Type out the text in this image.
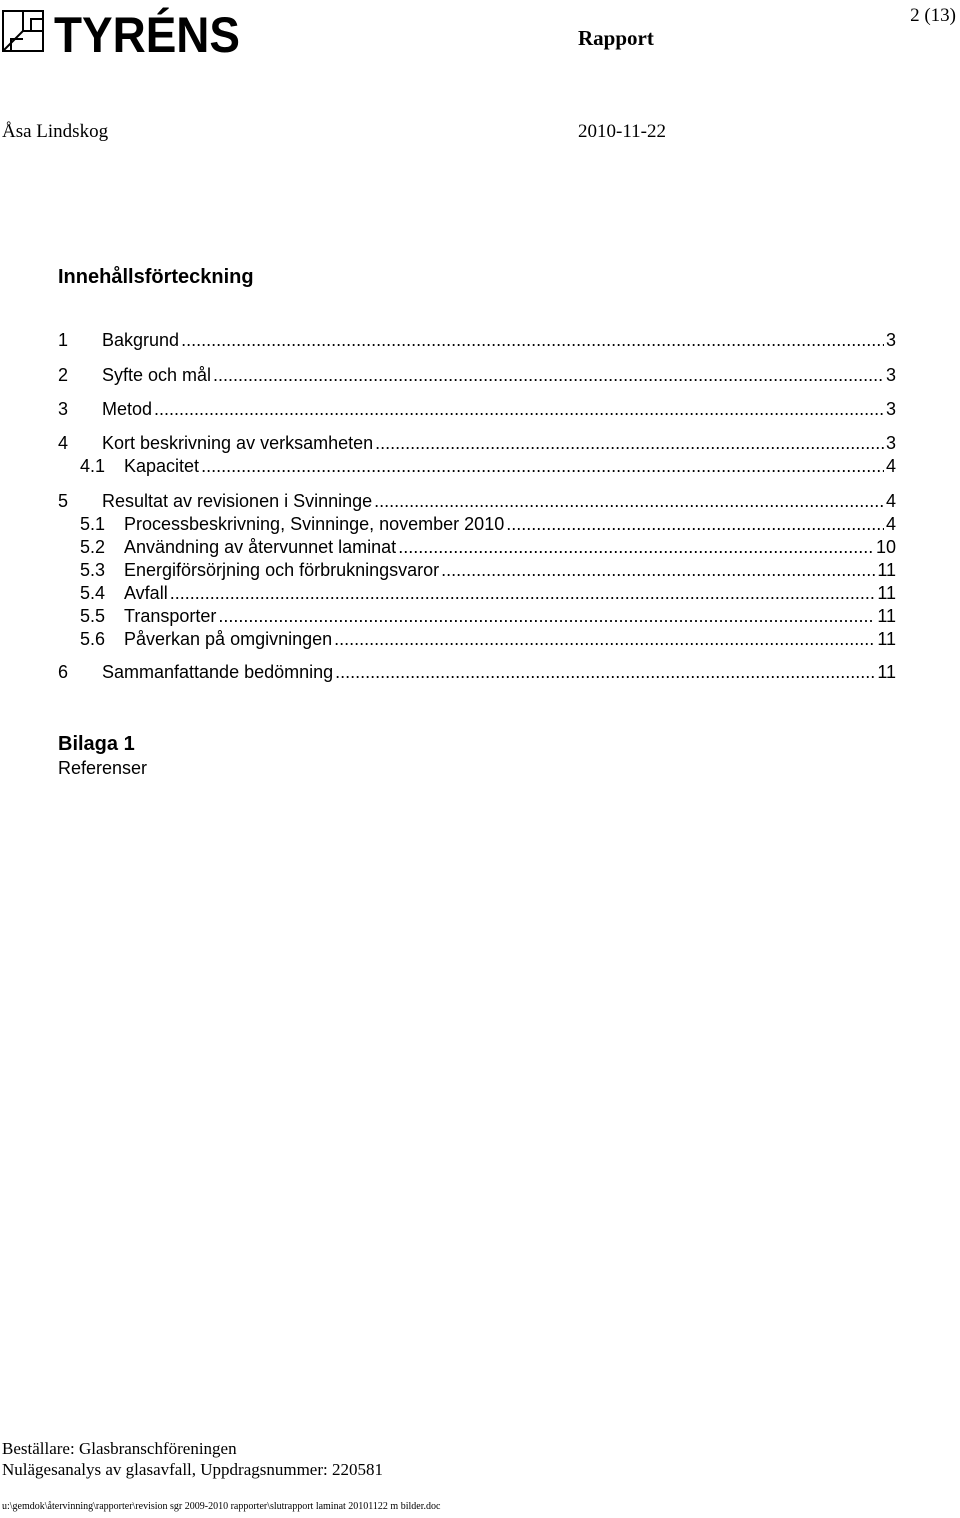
TYRÉNS	2 (13)
Rapport
Åsa Lindskog	2010-11-22
Innehållsförteckning
1	Bakgrund .....	3
2	Syfte och mål .....	3
3	Metod .....	3
4	Kort beskrivning av verksamheten .....	3
4.1	Kapacitet .....	4
5	Resultat av revisionen i Svinninge .....	4
5.1	Processbeskrivning, Svinninge, november 2010 .....	4
5.2	Användning av återvunnet laminat .....	10
5.3	Energiförsörjning och förbrukningsvaror .....	11
5.4	Avfall .....	11
5.5	Transporter .....	11
5.6	Påverkan på omgivningen .....	11
6	Sammanfattande bedömning .....	11
Bilaga 1
Referenser
Beställare: Glasbranschföreningen
Nulägesanalys av glasavfall, Uppdragsnummer: 220581
u:\gemdok\återvinning\rapporter\revision sgr 2009-2010 rapporter\slutrapport laminat 20101122 m bilder.doc
